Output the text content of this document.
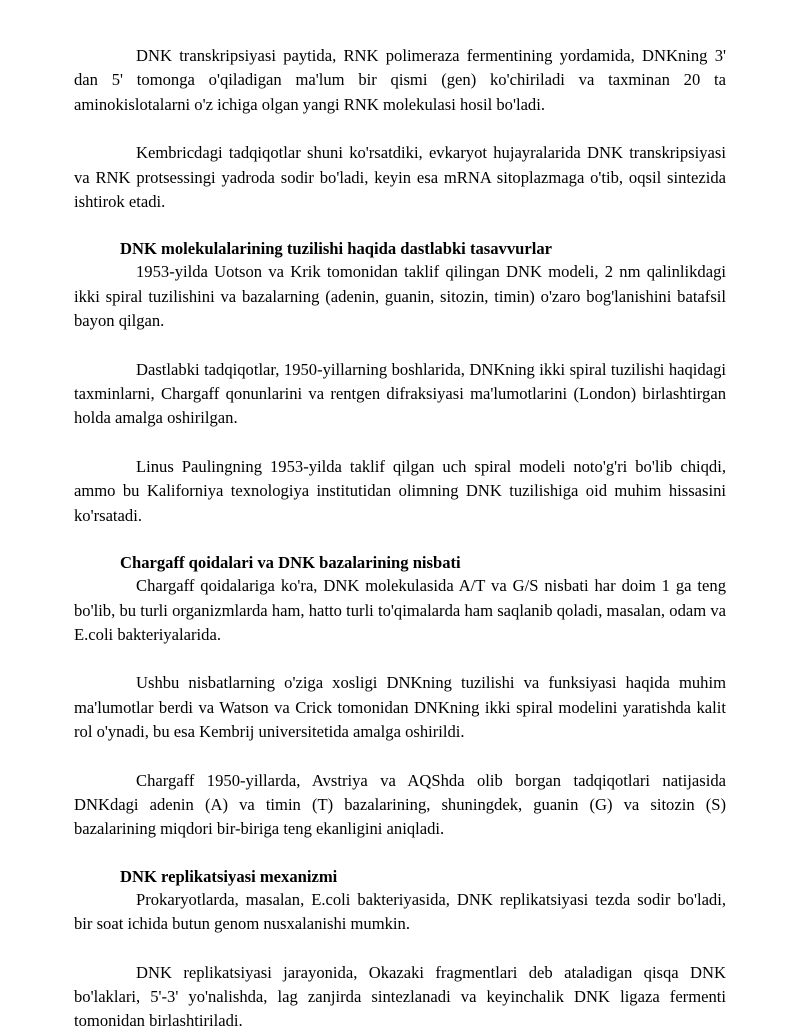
DNK transkripsiyasi paytida, RNK polimeraza fermentining yordamida, DNKning 3' dan 5' tomonga o'qiladigan ma'lum bir qismi (gen) ko'chiriladi va taxminan 20 ta aminokislotalarni o'z ichiga olgan yangi RNK molekulasi hosil bo'ladi.

Kembricdagi tadqiqotlar shuni ko'rsatdiki, evkaryot hujayralarida DNK transkripsiyasi va RNK protsessingi yadroda sodir bo'ladi, keyin esa mRNA sitoplazmaga o'tib, oqsil sintezida ishtirok etadi.

DNK molekulalarining tuzilishi haqida dastlabki tasavvurlar

1953-yilda Uotson va Krik tomonidan taklif qilingan DNK modeli, 2 nm qalinlikdagi ikki spiral tuzilishini va bazalarning (adenin, guanin, sitozin, timin) o'zaro bog'lanishini batafsil bayon qilgan.

Dastlabki tadqiqotlar, 1950-yillarning boshlarida, DNKning ikki spiral tuzilishi haqidagi taxminlarni, Chargaff qonunlarini va rentgen difraksiyasi ma'lumotlarini (London) birlashtirgan holda amalga oshirilgan.

Linus Paulingning 1953-yilda taklif qilgan uch spiral modeli noto'g'ri bo'lib chiqdi, ammo bu Kaliforniya texnologiya institutidan olimning DNK tuzilishiga oid muhim hissasini ko'rsatadi.

Chargaff qoidalari va DNK bazalarining nisbati

Chargaff qoidalariga ko'ra, DNK molekulasida A/T va G/S nisbati har doim 1 ga teng bo'lib, bu turli organizmlarda ham, hatto turli to'qimalarda ham saqlanib qoladi, masalan, odam va E.coli bakteriyalarida.

Ushbu nisbatlarning o'ziga xosligi DNKning tuzilishi va funksiyasi haqida muhim ma'lumotlar berdi va Watson va Crick tomonidan DNKning ikki spiral modelini yaratishda kalit rol o'ynadi, bu esa Kembrij universitetida amalga oshirildi.

Chargaff 1950-yillarda, Avstriya va AQShda olib borgan tadqiqotlari natijasida DNKdagi adenin (A) va timin (T) bazalarining, shuningdek, guanin (G) va sitozin (S) bazalarining miqdori bir-biriga teng ekanligini aniqladi.

DNK replikatsiyasi mexanizmi

Prokaryotlarda, masalan, E.coli bakteriyasida, DNK replikatsiyasi tezda sodir bo'ladi, bir soat ichida butun genom nusxalanishi mumkin.

DNK replikatsiyasi jarayonida, Okazaki fragmentlari deb ataladigan qisqa DNK bo'laklari, 5'-3' yo'nalishda, lag zanjirda sintezlanadi va keyinchalik DNK ligaza fermenti tomonidan birlashtiriladi.
